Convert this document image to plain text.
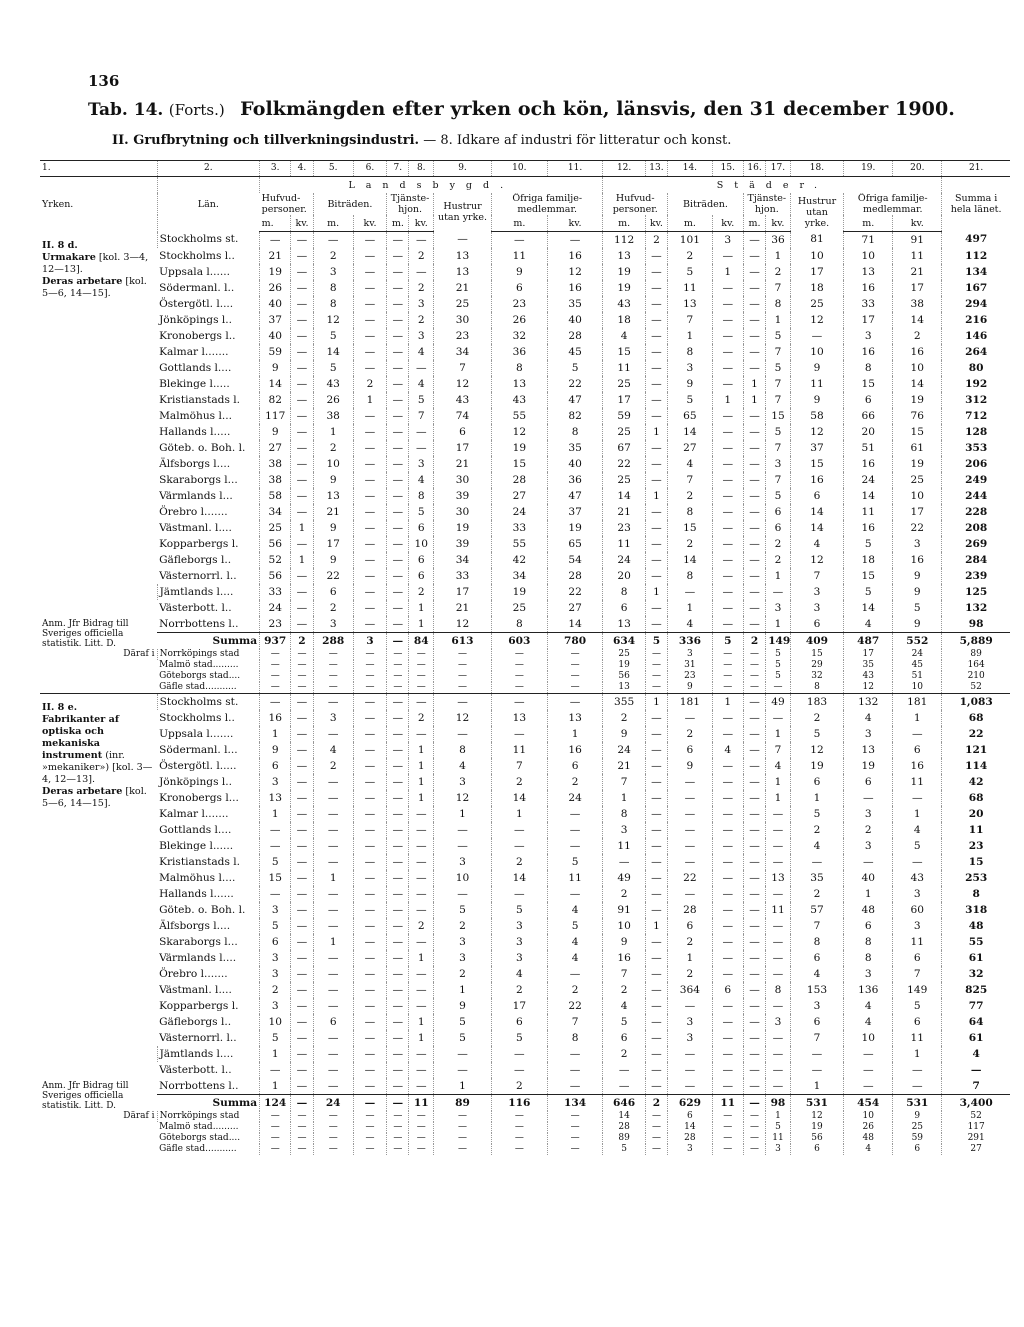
136
Tab. 14. (Forts.) Folkmängden efter yrken och kön, länsvis, den 31 december 1900.
II. Grufbrytning och tillverkningsindustri. — 8. Idkare af industri för litteratur och konst.
1.	2.	3.	4.	5.	6.	7.	8.	9.	10.	11.	12.	13.	14.	15.	16.	17.	18.	19.	20.	21.
Yrken.	Län.	Landsbygd.									Städer.									Summa i hela länet.
		Hufvud-personer.		Biträden.		Tjänste-hjon.		Hustrur utan yrke.	Öfriga familje-medlemmar.		Hufvud-personer.		Biträden.		Tjänste-hjon.		Hustrur utan yrke.	Öfriga familje-medlemmar.		
		m.	kv.	m.	kv.	m.	kv.		m.	kv.	m.	kv.	m.	kv.	m.	kv.		m.	kv.	

II. 8 d.
Urmakare [kol. 3—4, 12—13].
Deras arbetare [kol. 5—6, 14—15].	Stockholms st.	—	—	—	—	—	—	—	—	—	112	2	101	3	—	36	81	71	91	497
	Stockholms l..	21	—	2	—	—	2	13	11	16	13	—	2	—	—	1	10	10	11	112
	Uppsala l......	19	—	3	—	—	—	13	9	12	19	—	5	1	—	2	17	13	21	134
	Södermanl. l..	26	—	8	—	—	2	21	6	16	19	—	11	—	—	7	18	16	17	167
	Östergötl. l....	40	—	8	—	—	3	25	23	35	43	—	13	—	—	8	25	33	38	294
	Jönköpings l..	37	—	12	—	—	2	30	26	40	18	—	7	—	—	1	12	17	14	216
	Kronobergs l..	40	—	5	—	—	3	23	32	28	4	—	1	—	—	5	—	3	2	146
	Kalmar l.......	59	—	14	—	—	4	34	36	45	15	—	8	—	—	7	10	16	16	264
	Gottlands l....	9	—	5	—	—	—	7	8	5	11	—	3	—	—	5	9	8	10	80
	Blekinge l.....	14	—	43	2	—	4	12	13	22	25	—	9	—	1	7	11	15	14	192
	Kristianstads l.	82	—	26	1	—	5	43	43	47	17	—	5	1	1	7	9	6	19	312
	Malmöhus l...	117	—	38	—	—	7	74	55	82	59	—	65	—	—	15	58	66	76	712
	Hallands l.....	9	—	1	—	—	—	6	12	8	25	1	14	—	—	5	12	20	15	128
	Göteb. o. Boh. l.	27	—	2	—	—	—	17	19	35	67	—	27	—	—	7	37	51	61	353
	Älfsborgs l....	38	—	10	—	—	3	21	15	40	22	—	4	—	—	3	15	16	19	206
	Skaraborgs l...	38	—	9	—	—	4	30	28	36	25	—	7	—	—	7	16	24	25	249
	Värmlands l...	58	—	13	—	—	8	39	27	47	14	1	2	—	—	5	6	14	10	244
	Örebro l.......	34	—	21	—	—	5	30	24	37	21	—	8	—	—	6	14	11	17	228
	Västmanl. l....	25	1	9	—	—	6	19	33	19	23	—	15	—	—	6	14	16	22	208
	Kopparbergs l.	56	—	17	—	—	10	39	55	65	11	—	2	—	—	2	4	5	3	269
	Gäfleborgs l..	52	1	9	—	—	6	34	42	54	24	—	14	—	—	2	12	18	16	284
	Västernorrl. l..	56	—	22	—	—	6	33	34	28	20	—	8	—	—	1	7	15	9	239
Anm. Jfr Bidrag till Sveriges officiella statistik. Litt. D.	Jämtlands l....	33	—	6	—	—	2	17	19	22	8	1	—	—	—	—	3	5	9	125
	Västerbott. l..	24	—	2	—	—	1	21	25	27	6	—	1	—	—	3	3	14	5	132
	Norrbottens l..	23	—	3	—	—	1	12	8	14	13	—	4	—	—	1	6	4	9	98
	Summa	937	2	288	3	—	84	613	603	780	634	5	336	5	2	149	409	487	552	5,889
Däraf i	Norrköpings stad	—	—	—	—	—	—	—	—	—	25	—	3	—	—	5	15	17	24	89
	Malmö stad.........	—	—	—	—	—	—	—	—	—	19	—	31	—	—	5	29	35	45	164
	Göteborgs stad....	—	—	—	—	—	—	—	—	—	56	—	23	—	—	5	32	43	51	210
	Gäfle stad...........	—	—	—	—	—	—	—	—	—	13	—	9	—	—	—	8	12	10	52

II. 8 e.
Fabrikanter af optiska och mekaniska instrument (inr. »mekaniker») [kol. 3—4, 12—13].
Deras arbetare [kol. 5—6, 14—15].	Stockholms st.	—	—	—	—	—	—	—	—	—	355	1	181	1	—	49	183	132	181	1,083
	Stockholms l..	16	—	3	—	—	2	12	13	13	2	—	—	—	—	—	2	4	1	68
	Uppsala l.......	1	—	—	—	—	—	—	—	1	9	—	2	—	—	1	5	3	—	22
	Södermanl. l...	9	—	4	—	—	1	8	11	16	24	—	6	4	—	7	12	13	6	121
	Östergötl. l.....	6	—	2	—	—	1	4	7	6	21	—	9	—	—	4	19	19	16	114
	Jönköpings l..	3	—	—	—	—	1	3	2	2	7	—	—	—	—	1	6	6	11	42
	Kronobergs l...	13	—	—	—	—	1	12	14	24	1	—	—	—	—	1	1	—	—	68
	Kalmar l.......	1	—	—	—	—	—	1	1	—	8	—	—	—	—	—	5	3	1	20
	Gottlands l....	—	—	—	—	—	—	—	—	—	3	—	—	—	—	—	2	2	4	11
	Blekinge l......	—	—	—	—	—	—	—	—	—	11	—	—	—	—	—	4	3	5	23
	Kristianstads l.	5	—	—	—	—	—	3	2	5	—	—	—	—	—	—	—	—	—	15
	Malmöhus l....	15	—	1	—	—	—	10	14	11	49	—	22	—	—	13	35	40	43	253
	Hallands l......	—	—	—	—	—	—	—	—	—	2	—	—	—	—	—	2	1	3	8
	Göteb. o. Boh. l.	3	—	—	—	—	—	5	5	4	91	—	28	—	—	11	57	48	60	318
	Älfsborgs l....	5	—	—	—	—	2	2	3	5	10	1	6	—	—	—	7	6	3	48
	Skaraborgs l...	6	—	1	—	—	—	3	3	4	9	—	2	—	—	—	8	8	11	55
	Värmlands l....	3	—	—	—	—	1	3	3	4	16	—	1	—	—	—	6	8	6	61
	Örebro l.......	3	—	—	—	—	—	2	4	—	7	—	2	—	—	—	4	3	7	32
	Västmanl. l....	2	—	—	—	—	—	1	2	2	2	—	364	6	—	8	153	136	149	825
	Kopparbergs l.	3	—	—	—	—	—	9	17	22	4	—	—	—	—	—	3	4	5	77
	Gäfleborgs l..	10	—	6	—	—	1	5	6	7	5	—	3	—	—	3	6	4	6	64
	Västernorrl. l..	5	—	—	—	—	1	5	5	8	6	—	3	—	—	—	7	10	11	61
Anm. Jfr Bidrag till Sveriges officiella statistik. Litt. D.	Jämtlands l....	1	—	—	—	—	—	—	—	—	2	—	—	—	—	—	—	—	1	4
	Västerbott. l..	—	—	—	—	—	—	—	—	—	—	—	—	—	—	—	—	—	—	—
	Norrbottens l..	1	—	—	—	—	—	1	2	—	—	—	—	—	—	—	1	—	—	7
	Summa	124	—	24	—	—	11	89	116	134	646	2	629	11	—	98	531	454	531	3,400
Däraf i	Norrköpings stad	—	—	—	—	—	—	—	—	—	14	—	6	—	—	1	12	10	9	52
	Malmö stad.........	—	—	—	—	—	—	—	—	—	28	—	14	—	—	5	19	26	25	117
	Göteborgs stad....	—	—	—	—	—	—	—	—	—	89	—	28	—	—	11	56	48	59	291
	Gäfle stad...........	—	—	—	—	—	—	—	—	—	5	—	3	—	—	3	6	4	6	27
